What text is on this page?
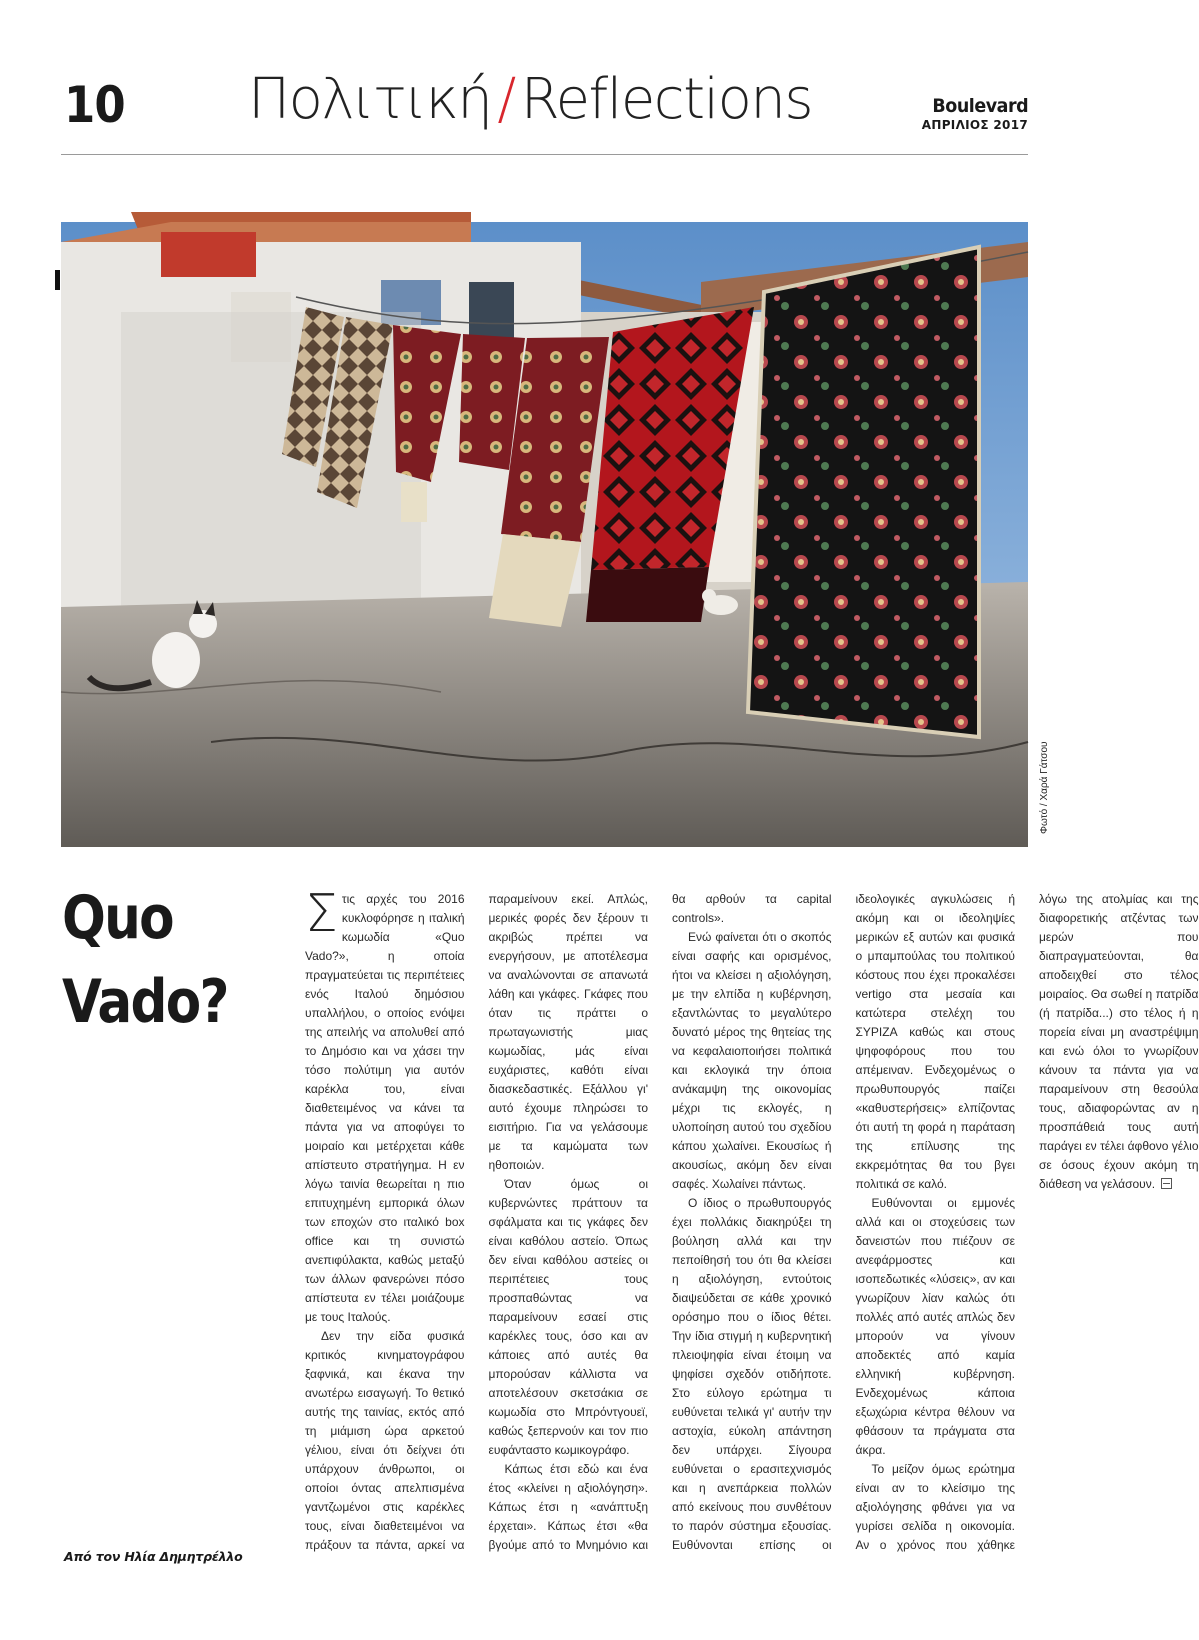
10	Πολιτική / Reflections	Boulevard
ΑΠΡΙΛΙΟΣ 2017
Φωτό / Χαρά Γάτσου
Quo
Vado?
Από τον Ηλία Δημητρέλλο

Στις αρχές του 2016 κυκλοφόρησε η ιταλική κωμωδία «Quo Vado?», η οποία πραγματεύεται τις περιπέτειες ενός Ιταλού δημόσιου υπαλλήλου, ο οποίος ενόψει της απειλής να απολυθεί από το Δημόσιο και να χάσει την τόσο πολύτιμη για αυτόν καρέκλα του, είναι διαθετειμένος να κάνει τα πάντα για να αποφύγει το μοιραίο και μετέρχεται κάθε απίστευτο στρατήγημα. Η εν λόγω ταινία θεωρείται η πιο επιτυχημένη εμπορικά όλων των εποχών στο ιταλικό box office και τη συνιστώ ανεπιφύλακτα, καθώς μεταξύ των άλλων φανερώνει πόσο απίστευτα εν τέλει μοιάζουμε με τους Ιταλούς.

Δεν την είδα φυσικά κριτικός κινηματογράφου ξαφνικά, και έκανα την ανωτέρω εισαγωγή. Το θετικό αυτής της ταινίας, εκτός από τη μιάμιση ώρα αρκετού γέλιου, είναι ότι δείχνει ότι υπάρχουν άνθρωποι, οι οποίοι όντας απελπισμένα γαντζωμένοι στις καρέκλες τους, είναι διαθετειμένοι να πράξουν τα πάντα, αρκεί να παραμείνουν εκεί. Απλώς, μερικές φορές δεν ξέρουν τι ακριβώς πρέπει να ενεργήσουν, με αποτέλεσμα να αναλώνονται σε απανωτά λάθη και γκάφες. Γκάφες που όταν τις πράττει ο πρωταγωνιστής μιας κωμωδίας, μάς είναι ευχάριστες, καθότι είναι διασκεδαστικές. Εξάλλου γι' αυτό έχουμε πληρώσει το εισιτήριο. Για να γελάσουμε με τα καμώματα των ηθοποιών.

Όταν όμως οι κυβερνώντες πράττουν τα σφάλματα και τις γκάφες δεν είναι καθόλου αστείο. Όπως δεν είναι καθόλου αστείες οι περιπέτειες τους προσπαθώντας να παραμείνουν εσαεί στις καρέκλες τους, όσο και αν κάποιες από αυτές θα μπορούσαν κάλλιστα να αποτελέσουν σκετσάκια σε κωμωδία στο Μπρόντγουεϊ, καθώς ξεπερνούν και τον πιο ευφάνταστο κωμικογράφο.

Κάπως έτσι εδώ και ένα έτος «κλείνει η αξιολόγηση». Κάπως έτσι η «ανάπτυξη έρχεται». Κάπως έτσι «θα βγούμε από το Μνημόνιο και θα αρθούν τα capital controls».

Ενώ φαίνεται ότι ο σκοπός είναι σαφής και ορισμένος, ήτοι να κλείσει η αξιολόγηση, με την ελπίδα η κυβέρνηση, εξαντλώντας το μεγαλύτερο δυνατό μέρος της θητείας της να κεφαλαιοποιήσει πολιτικά και εκλογικά την όποια ανάκαμψη της οικονομίας μέχρι τις εκλογές, η υλοποίηση αυτού του σχεδίου κάπου χωλαίνει. Εκουσίως ή ακουσίως, ακόμη δεν είναι σαφές. Χωλαίνει πάντως.

Ο ίδιος ο πρωθυπουργός έχει πολλάκις διακηρύξει τη βούληση αλλά και την πεποίθησή του ότι θα κλείσει η αξιολόγηση, εντούτοις διαψεύδεται σε κάθε χρονικό ορόσημο που ο ίδιος θέτει. Την ίδια στιγμή η κυβερνητική πλειοψηφία είναι έτοιμη να ψηφίσει σχεδόν οτιδήποτε. Στο εύλογο ερώτημα τι ευθύνεται τελικά γι' αυτήν την αστοχία, εύκολη απάντηση δεν υπάρχει. Σίγουρα ευθύνεται ο ερασιτεχνισμός και η ανεπάρκεια πολλών από εκείνους που συνθέτουν το παρόν σύστημα εξουσίας. Ευθύνονται επίσης οι ιδεολογικές αγκυλώσεις ή ακόμη και οι ιδεοληψίες μερικών εξ αυτών και φυσικά ο μπαμπούλας του πολιτικού κόστους που έχει προκαλέσει vertigo στα μεσαία και κατώτερα στελέχη του ΣΥΡΙΖΑ καθώς και στους ψηφοφόρους που του απέμειναν. Ενδεχομένως ο πρωθυπουργός παίζει «καθυστερήσεις» ελπίζοντας ότι αυτή τη φορά η παράταση της επίλυσης της εκκρεμότητας θα του βγει πολιτικά σε καλό.

Ευθύνονται οι εμμονές αλλά και οι στοχεύσεις των δανειστών που πιέζουν σε ανεφάρμοστες και ισοπεδωτικές «λύσεις», αν και γνωρίζουν λίαν καλώς ότι πολλές από αυτές απλώς δεν μπορούν να γίνουν αποδεκτές από καμία ελληνική κυβέρνηση. Ενδεχομένως κάποια εξωχώρια κέντρα θέλουν να φθάσουν τα πράγματα στα άκρα.

Το μείζον όμως ερώτημα είναι αν το κλείσιμο της αξιολόγησης φθάνει για να γυρίσει σελίδα η οικονομία. Αν ο χρόνος που χάθηκε λόγω της ατολμίας και της διαφορετικής ατζέντας των μερών που διαπραγματεύονται, θα αποδειχθεί στο τέλος μοιραίος. Θα σωθεί η πατρίδα (ή πατρίδα...) στο τέλος ή η πορεία είναι μη αναστρέψιμη και ενώ όλοι το γνωρίζουν κάνουν τα πάντα για να παραμείνουν στη θεσούλα τους, αδιαφορώντας αν η προσπάθειά τους αυτή παράγει εν τέλει άφθονο γέλιο σε όσους έχουν ακόμη τη διάθεση να γελάσουν.
